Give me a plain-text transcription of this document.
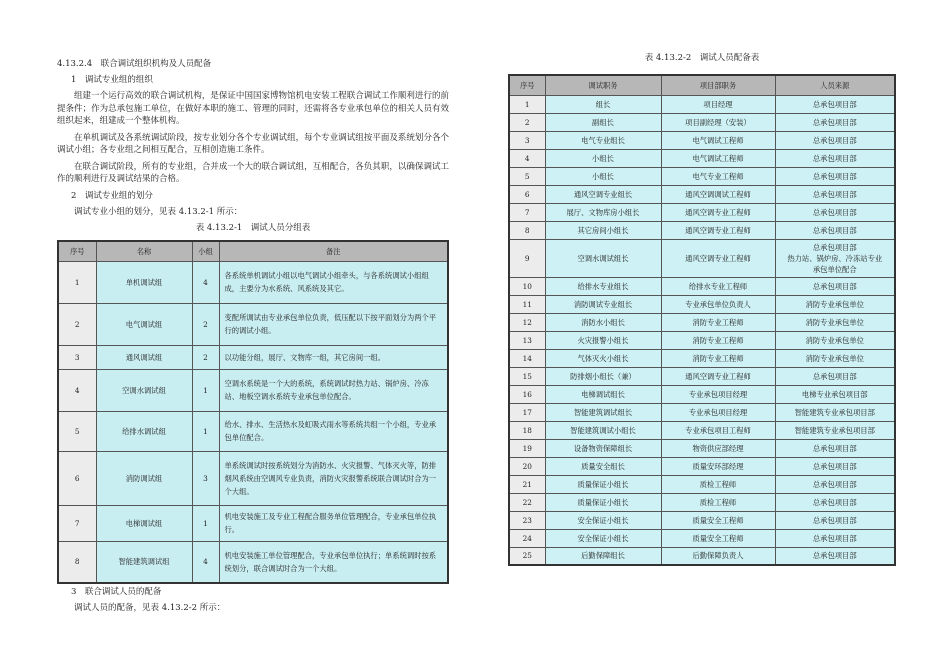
4.13.2.4　联合调试组织机构及人员配备
1　调试专业组的组织

组建一个运行高效的联合调试机构，是保证中国国家博物馆机电安装工程联合调试工作顺利进行的前提条件；作为总承包施工单位，在做好本职的施工、管理的同时，还需将各专业承包单位的相关人员有效组织起来，组建成一个整体机构。

在单机调试及各系统调试阶段，按专业划分各个专业调试组，每个专业调试组按平面及系统划分各个调试小组；各专业组之间相互配合，互相创造施工条件。

在联合调试阶段，所有的专业组，合并成一个大的联合调试组，互相配合，各负其职，以确保调试工作的顺利进行及调试结果的合格。

2　调试专业组的划分

调试专业小组的划分，见表 4.13.2-1 所示：

表 4.13.2-1　调试人员分组表
序号	名称	小组	备注
1	单机调试组	4	各系统单机调试小组以电气调试小组牵头，与各系统调试小组组成，主要分为水系统、风系统及其它。
2	电气调试组	2	变配所调试由专业承包单位负责，低压配以下按平面划分为两个平行的调试小组。
3	通风调试组	2	以功能分组，展厅、文物库一组，其它房间一组。
4	空调水调试组	1	空调水系统是一个大的系统，系统调试时热力站、锅炉房、冷冻站、地板空调水系统专业承包单位配合。
5	给排水调试组	1	给水、排水、生活热水及虹吸式雨水等系统共组一个小组，专业承包单位配合。
6	消防调试组	3	单系统调试时按系统划分为消防水、火灾报警、气体灭火等，防排烟风系统由空调风专业负责，消防火灾报警系统联合调试时合为一个大组。
7	电梯调试组	1	机电安装施工及专业工程配合服务单位管理配合，专业承包单位执行。
8	智能建筑调试组	4	机电安装施工单位管理配合，专业承包单位执行；单系统调时按系统划分，联合调试时合为一个大组。
3　联合调试人员的配备

调试人员的配备，见表 4.13.2-2 所示：

表 4.13.2-2　调试人员配备表
序号	调试职务	项目部职务	人员来源
1	组长	项目经理	总承包项目部
2	副组长	项目副经理（安装）	总承包项目部
3	电气专业组长	电气调试工程师	总承包项目部
4	小组长	电气调试工程师	总承包项目部
5	小组长	电气专业工程师	总承包项目部
6	通风空调专业组长	通风空调调试工程师	总承包项目部
7	展厅、文物库房小组长	通风空调专业工程师	总承包项目部
8	其它房间小组长	通风空调专业工程师	总承包项目部
9	空调水调试组长	通风空调专业工程师	总承包项目部
热力站、锅炉房、冷冻站专业
承包单位配合

10	给排水专业组长	给排水专业工程师	总承包项目部
11	消防调试专业组长	专业承包单位负责人	消防专业承包单位
12	消防水小组长	消防专业工程师	消防专业承包单位
13	火灾报警小组长	消防专业工程师	消防专业承包单位
14	气体灭火小组长	消防专业工程师	消防专业承包单位
15	防排烟小组长（兼）	通风空调专业工程师	总承包项目部
16	电梯调试组长	专业承包项目经理	电梯专业承包项目部
17	智能建筑调试组长	专业承包项目经理	智能建筑专业承包项目部
18	智能建筑调试小组长	专业承包项目工程师	智能建筑专业承包项目部
19	设备物资保障组长	物资供应部经理	总承包项目部
20	质量安全组长	质量安环部经理	总承包项目部
21	质量保证小组长	质检工程师	总承包项目部
22	质量保证小组长	质检工程师	总承包项目部
23	安全保证小组长	质量安全工程师	总承包项目部
24	安全保证小组长	质量安全工程师	总承包项目部
25	后勤保障组长	后勤保障负责人	总承包项目部
